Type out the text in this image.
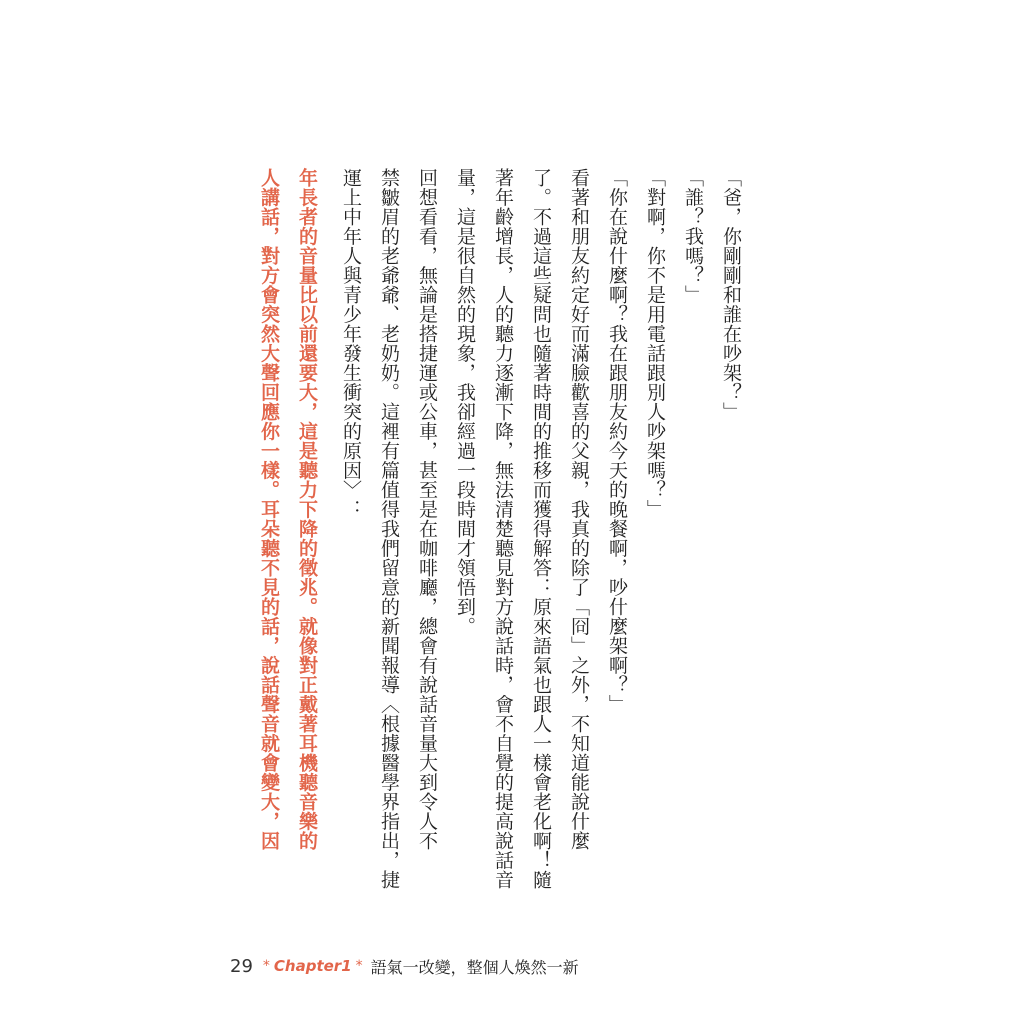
「爸，你剛剛和誰在吵架？」
「誰？我嗎？」
「對啊，你不是用電話跟別人吵架嗎？」
「你在說什麼啊？我在跟朋友約今天的晚餐啊，吵什麼架啊？」
看著和朋友約定好而滿臉歡喜的父親，我真的除了「冏」之外，不知道能說什麼
了。不過這些疑問也隨著時間的推移而獲得解答：原來語氣也跟人一樣會老化啊！隨
著年齡增長，人的聽力逐漸下降，無法清楚聽見對方說話時，會不自覺的提高說話音
量，這是很自然的現象，我卻經過一段時間才領悟到。
回想看看，無論是搭捷運或公車，甚至是在咖啡廳，總會有說話音量大到令人不
禁皺眉的老爺爺、老奶奶。這裡有篇值得我們留意的新聞報導〈根據醫學界指出，捷
運上中年人與青少年發生衝突的原因〉：
年長者的音量比以前還要大，這是聽力下降的徵兆。就像對正戴著耳機聽音樂的
人講話，對方會突然大聲回應你一樣。耳朵聽不見的話，說話聲音就會變大，因
29 * Chapter1 * 語氣一改變，整個人煥然一新
